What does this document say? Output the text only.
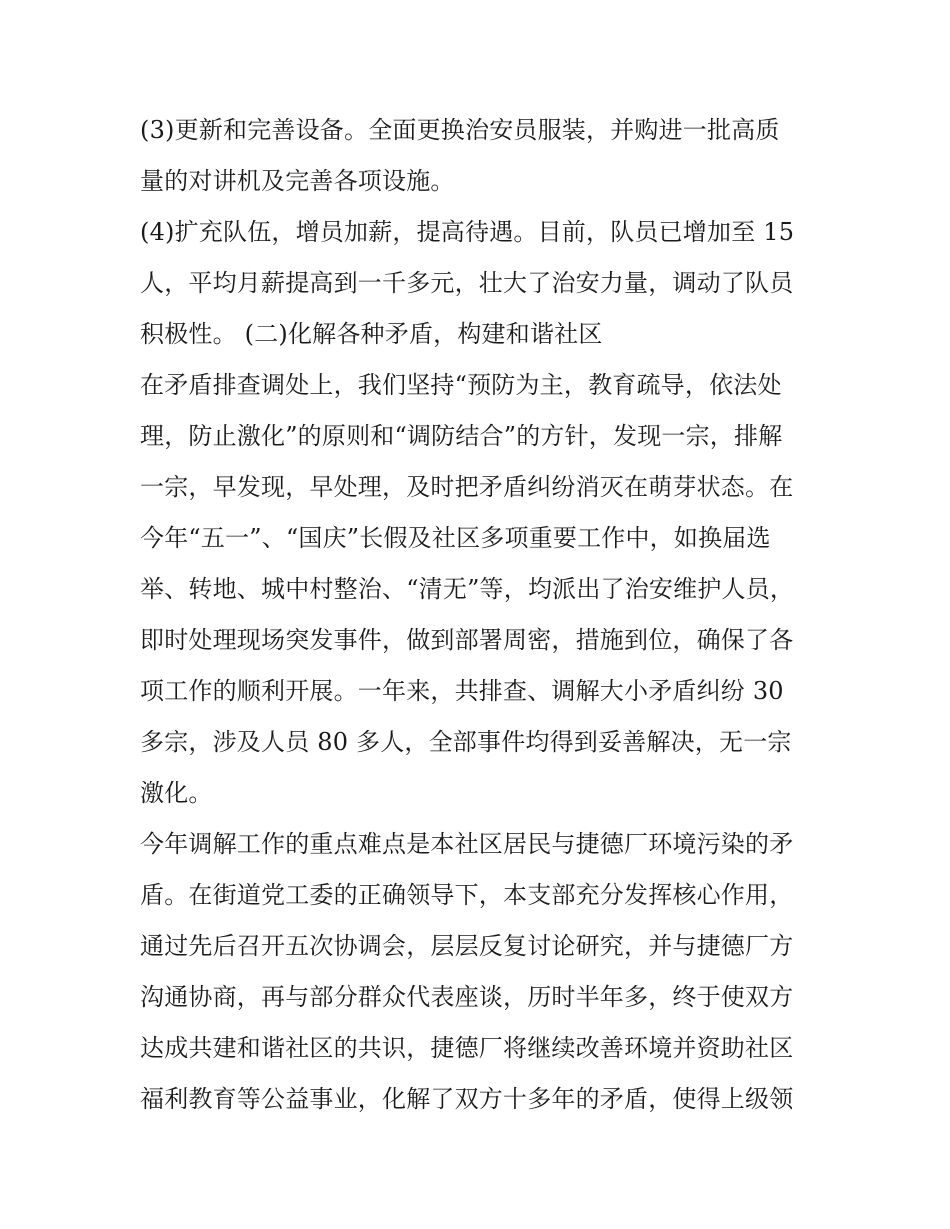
(3)更新和完善设备。全面更换治安员服装，并购进一批高质
量的对讲机及完善各项设施。
(4)扩充队伍，增员加薪，提高待遇。目前，队员已增加至 15
人，平均月薪提高到一千多元，壮大了治安力量，调动了队员
积极性。 (二)化解各种矛盾，构建和谐社区
在矛盾排查调处上，我们坚持“预防为主，教育疏导，依法处
理，防止激化”的原则和“调防结合”的方针，发现一宗，排解
一宗，早发现，早处理，及时把矛盾纠纷消灭在萌芽状态。在
今年“五一”、“国庆”长假及社区多项重要工作中，如换届选
举、转地、城中村整治、“清无”等，均派出了治安维护人员，
即时处理现场突发事件，做到部署周密，措施到位，确保了各
项工作的顺利开展。一年来，共排查、调解大小矛盾纠纷 30
多宗，涉及人员 80 多人，全部事件均得到妥善解决，无一宗
激化。
今年调解工作的重点难点是本社区居民与捷德厂环境污染的矛
盾。在街道党工委的正确领导下，本支部充分发挥核心作用，
通过先后召开五次协调会，层层反复讨论研究，并与捷德厂方
沟通协商，再与部分群众代表座谈，历时半年多，终于使双方
达成共建和谐社区的共识，捷德厂将继续改善环境并资助社区
福利教育等公益事业，化解了双方十多年的矛盾，使得上级领
